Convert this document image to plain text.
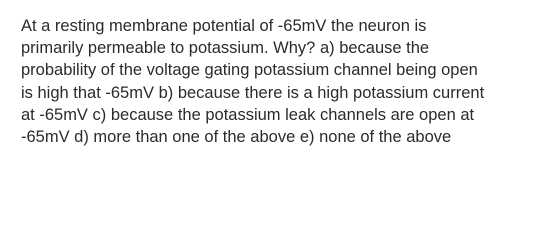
At a resting membrane potential of -65mV the neuron is
primarily permeable to potassium. Why? a) because the
probability of the voltage gating potassium channel being open
is high that -65mV b) because there is a high potassium current
at -65mV c) because the potassium leak channels are open at
-65mV d) more than one of the above e) none of the above
